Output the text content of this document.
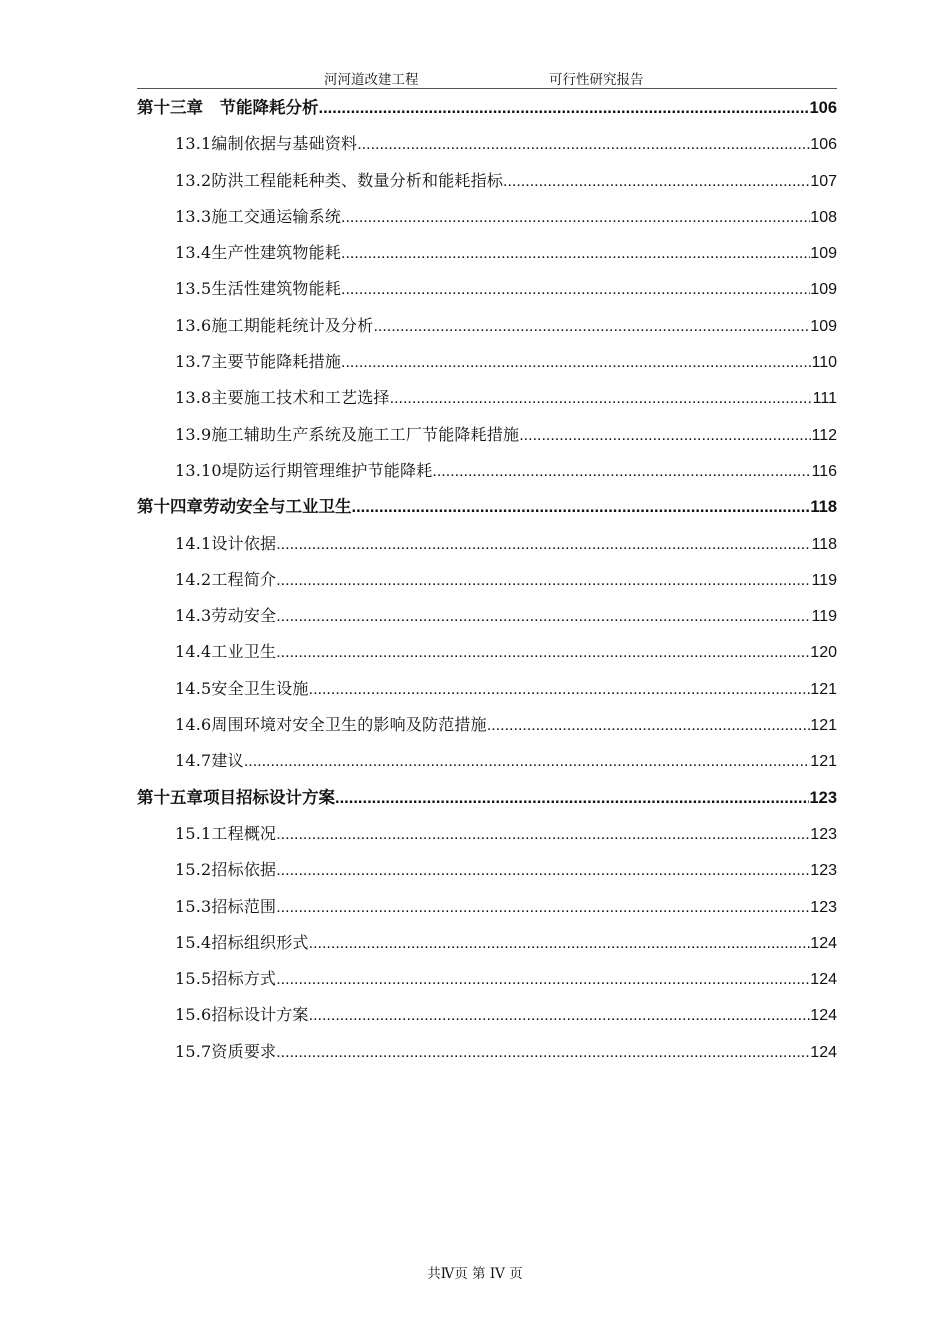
河河道改建工程	可行性研究报告
第十三章　节能降耗分析 .....	106
13.1编制依据与基础资料 .....	106
13.2防洪工程能耗种类、数量分析和能耗指标 .....	107
13.3施工交通运输系统 .....	108
13.4生产性建筑物能耗 .....	109
13.5生活性建筑物能耗 .....	109
13.6施工期能耗统计及分析 .....	109
13.7主要节能降耗措施 .....	110
13.8主要施工技术和工艺选择 .....	111
13.9施工辅助生产系统及施工工厂节能降耗措施 .....	112
13.10堤防运行期管理维护节能降耗 .....	116
第十四章劳动安全与工业卫生 .....	118
14.1设计依据 .....	118
14.2工程简介 .....	119
14.3劳动安全 .....	119
14.4工业卫生 .....	120
14.5安全卫生设施 .....	121
14.6周围环境对安全卫生的影响及防范措施 .....	121
14.7建议 .....	121
第十五章项目招标设计方案 .....	123
15.1工程概况 .....	123
15.2招标依据 .....	123
15.3招标范围 .....	123
15.4招标组织形式 .....	124
15.5招标方式 .....	124
15.6招标设计方案 .....	124
15.7资质要求 .....	124
共Ⅳ页 第 IV 页
